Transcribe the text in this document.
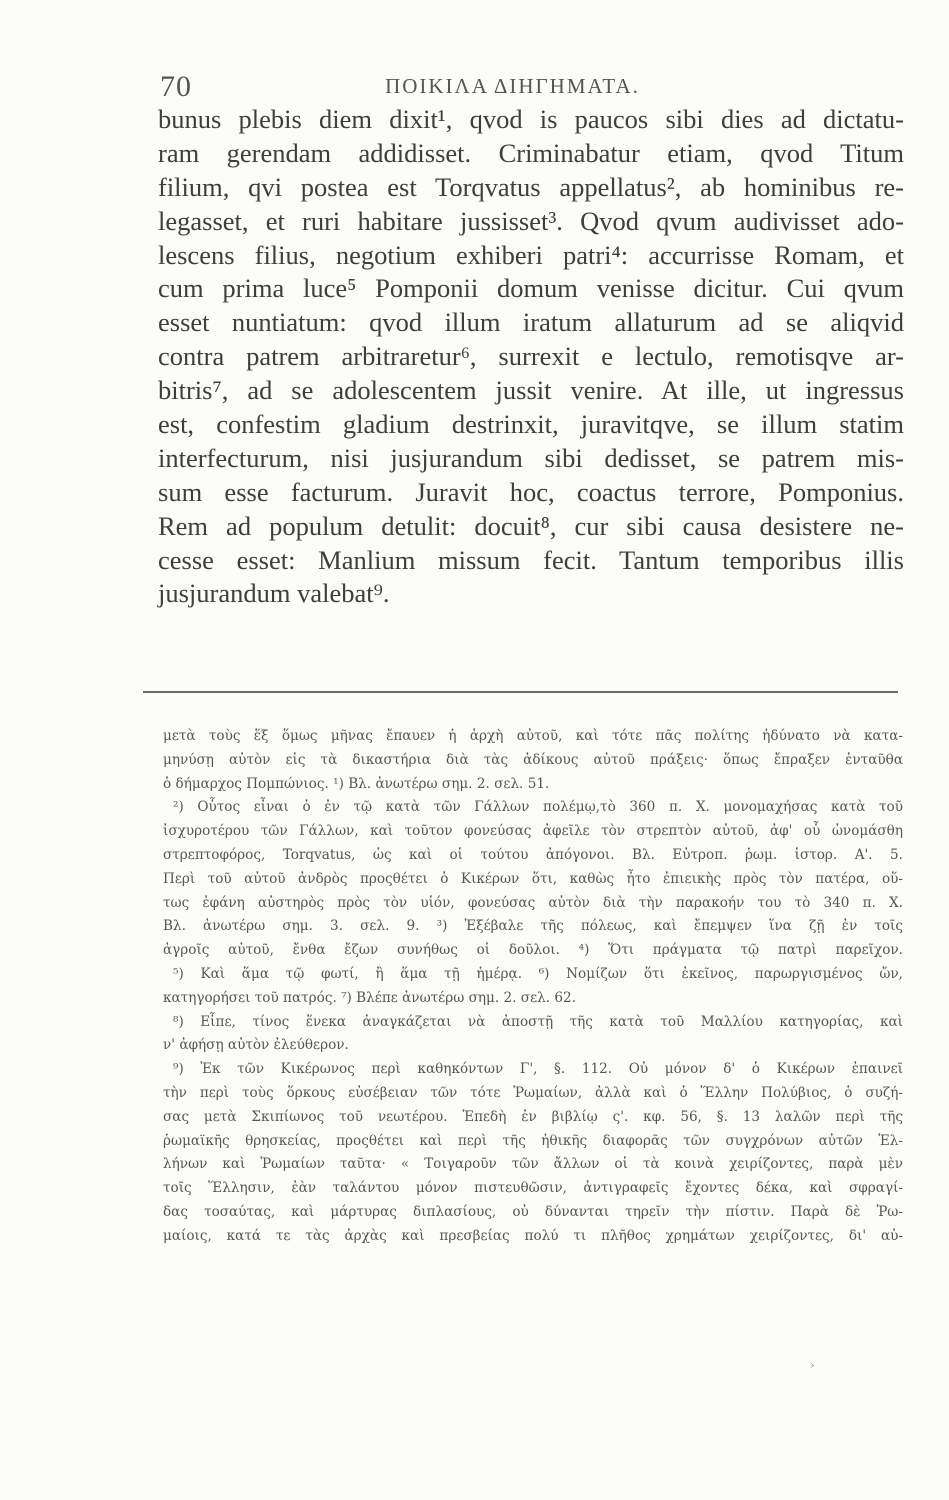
70	ΠΟΙΚΙΛΑ ΔΙΗΓΗΜΑΤΑ.
bunus plebis diem dixit¹, qvod is paucos sibi dies ad dictatu-
ram gerendam addidisset. Criminabatur etiam, qvod Titum
filium, qvi postea est Torqvatus appellatus², ab hominibus re-
legasset, et ruri habitare jussisset³. Qvod qvum audivisset ado-
lescens filius, negotium exhiberi patri⁴: accurrisse Romam, et
cum prima luce⁵ Pomponii domum venisse dicitur. Cui qvum
esset nuntiatum: qvod illum iratum allaturum ad se aliqvid
contra patrem arbitraretur⁶, surrexit e lectulo, remotisqve ar-
bitris⁷, ad se adolescentem jussit venire. At ille, ut ingressus
est, confestim gladium destrinxit, juravitqve, se illum statim
interfecturum, nisi jusjurandum sibi dedisset, se patrem mis-
sum esse facturum. Juravit hoc, coactus terrore, Pomponius.
Rem ad populum detulit: docuit⁸, cur sibi causa desistere ne-
cesse esset: Manlium missum fecit. Tantum temporibus illis
jusjurandum valebat⁹.
μετὰ τοὺς ἕξ ὅμως μῆνας ἔπαυεν ἡ ἀρχὴ αὐτοῦ, καὶ τότε πᾶς πολίτης ἠδύνατο νὰ κατα-
μηνύσῃ αὐτὸν εἰς τὰ δικαστήρια διὰ τὰς ἀδίκους αὐτοῦ πράξεις· ὅπως ἔπραξεν ἐνταῦθα
ὁ δήμαρχος Πομπώνιος. ¹) Βλ. ἀνωτέρω σημ. 2. σελ. 51.
²) Οὗτος εἶναι ὁ ἐν τῷ κατὰ τῶν Γάλλων πολέμῳ,τὸ 360 π. Χ. μονομαχήσας κατὰ τοῦ
ἰσχυροτέρου τῶν Γάλλων, καὶ τοῦτον φονεύσας ἀφεῖλε τὸν στρεπτὸν αὐτοῦ, ἀφ' οὗ ὠνομάσθη
στρεπτοφόρος, Torqvatus, ὡς καὶ οἱ τούτου ἀπόγονοι. Βλ. Εὐτροπ. ῥωμ. ἱστορ. Α'. 5.
Περὶ τοῦ αὐτοῦ ἀνδρὸς προςθέτει ὁ Κικέρων ὅτι, καθὼς ἦτο ἐπιεικὴς πρὸς τὸν πατέρα, οὕ-
τως ἐφάνη αὐστηρὸς πρὸς τὸν υἱόν, φονεύσας αὐτὸν διὰ τὴν παρακοήν του τὸ 340 π. Χ.
Βλ. ἀνωτέρω σημ. 3. σελ. 9. ³) Ἐξέβαλε τῆς πόλεως, καὶ ἔπεμψεν ἵνα ζῇ ἐν τοῖς
ἀγροῖς αὐτοῦ, ἔνθα ἔζων συνήθως οἱ δοῦλοι. ⁴) Ὅτι πράγματα τῷ πατρὶ παρεῖχον.
⁵) Καὶ ἅμα τῷ φωτί, ἢ ἅμα τῇ ἡμέρᾳ. ⁶) Νομίζων ὅτι ἐκεῖνος, παρωργισμένος ὤν,
κατηγορήσει τοῦ πατρός. ⁷) Βλέπε ἀνωτέρω σημ. 2. σελ. 62.
⁸) Εἶπε, τίνος ἕνεκα ἀναγκάζεται νὰ ἀποστῇ τῆς κατὰ τοῦ Μαλλίου κατηγορίας, καὶ
ν' ἀφήσῃ αὐτὸν ἐλεύθερον.
⁹) Ἐκ τῶν Κικέρωνος περὶ καθηκόντων Γ', §. 112. Οὐ μόνον δ' ὁ Κικέρων ἐπαινεῖ
τὴν περὶ τοὺς ὅρκους εὐσέβειαν τῶν τότε Ῥωμαίων, ἀλλὰ καὶ ὁ Ἕλλην Πολύβιος, ὁ συζή-
σας μετὰ Σκιπίωνος τοῦ νεωτέρου. Ἐπεδὴ ἐν βιβλίῳ ς'. κφ. 56, §. 13 λαλῶν περὶ τῆς
ῥωμαϊκῆς θρησκείας, προςθέτει καὶ περὶ τῆς ἠθικῆς διαφορᾶς τῶν συγχρόνων αὐτῶν Ἑλ-
λήνων καὶ Ῥωμαίων ταῦτα· « Τοιγαροῦν τῶν ἄλλων οἱ τὰ κοινὰ χειρίζοντες, παρὰ μὲν
τοῖς Ἕλλησιν, ἐὰν ταλάντου μόνον πιστευθῶσιν, ἀντιγραφεῖς ἔχοντες δέκα, καὶ σφραγί-
δας τοσαύτας, καὶ μάρτυρας διπλασίους, οὐ δύνανται τηρεῖν τὴν πίστιν. Παρὰ δὲ Ῥω-
μαίοις, κατά τε τὰς ἀρχὰς καὶ πρεσβείας πολύ τι πλῆθος χρημάτων χειρίζοντες, δι' αὐ-
›
